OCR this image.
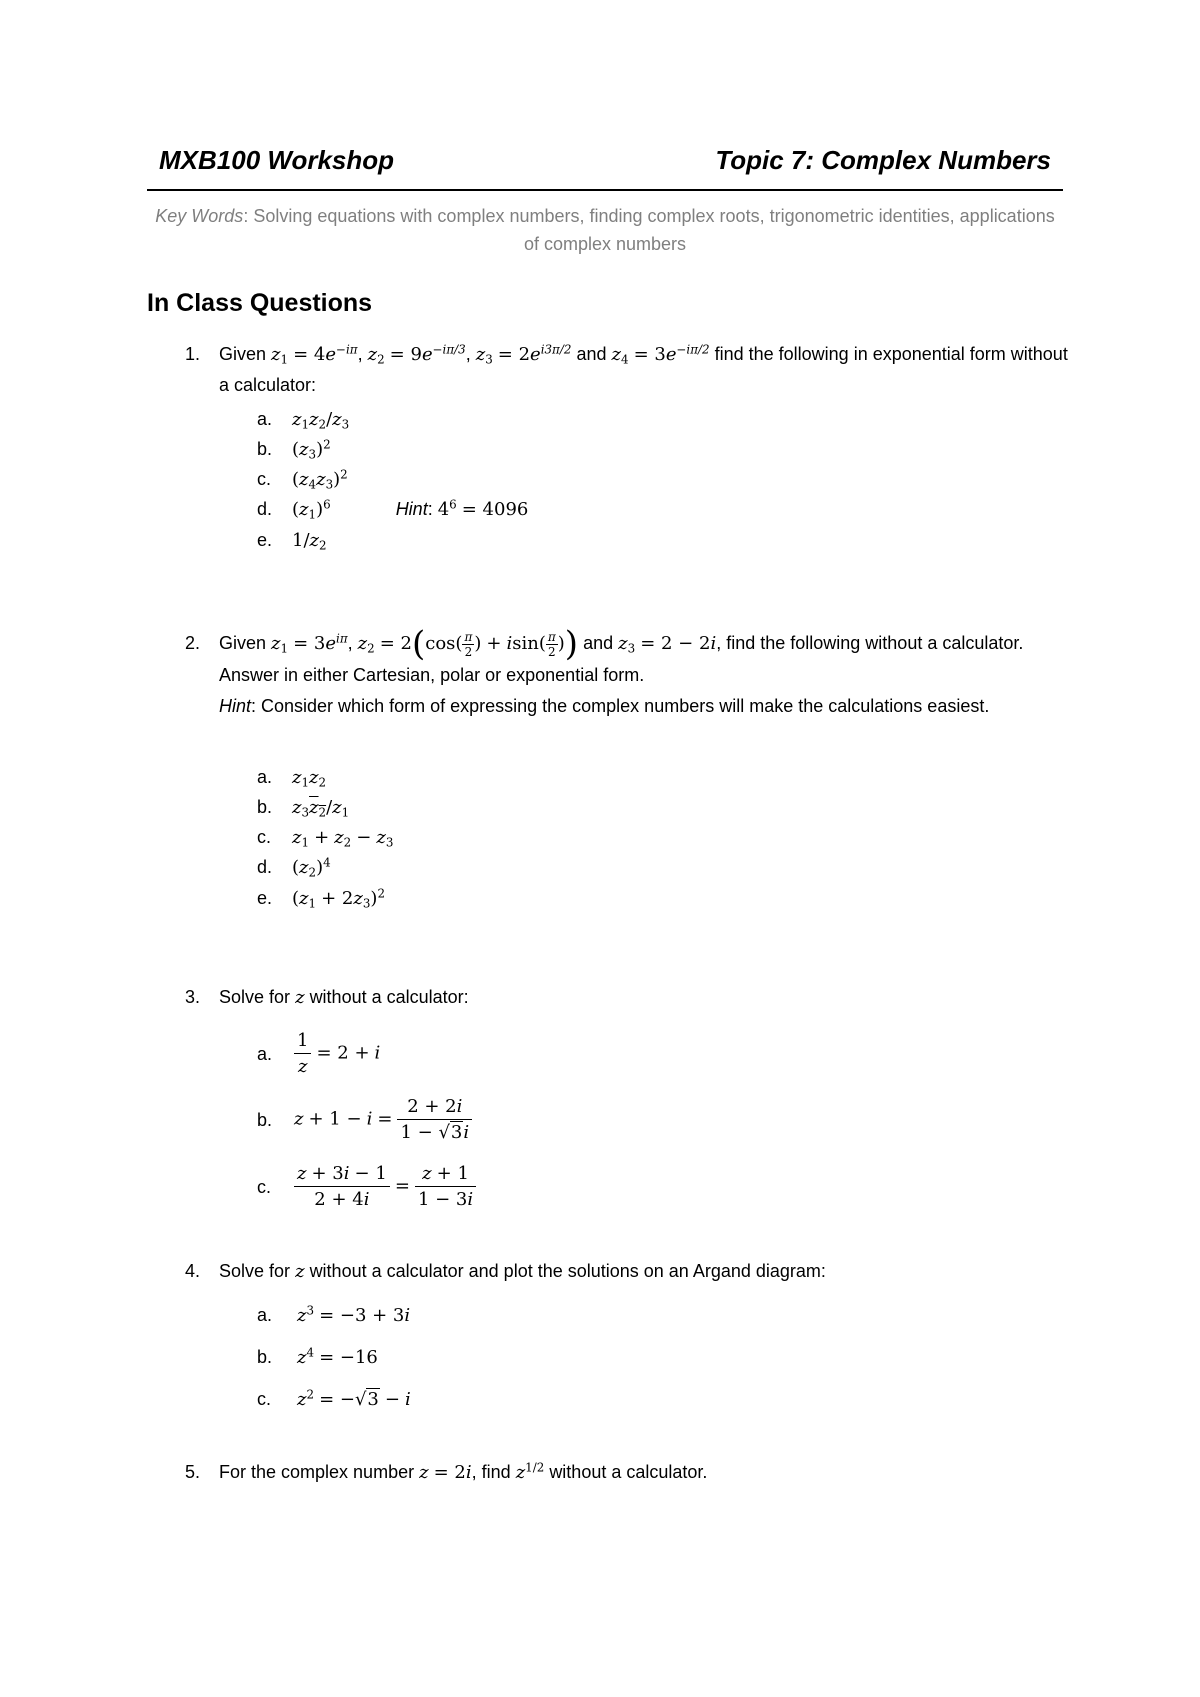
MXB100 Workshop	Topic 7: Complex Numbers
Key Words: Solving equations with complex numbers, finding complex roots, trigonometric identities, applications of complex numbers
In Class Questions
1. Given $z_1 = 4e^{-i\pi}$, $z_2 = 9e^{-i\pi/3}$, $z_3 = 2e^{i3\pi/2}$ and $z_4 = 3e^{-i\pi/2}$ find the following in exponential form without a calculator:
a. $z_1z_2/z_3$
b. $(z_3)^2$
c. $(z_4z_3)^2$
d. $(z_1)^6$	Hint: $4^6 = 4096$
e. $1/z_2$
2. Given $z_1 = 3e^{i\pi}$, $z_2 = 2(\cos( \frac{\pi}{2}$ ) + $isin( \frac{\pi}{2}$ )) and $z_3 = 2 - 2i$, find the following without a calculator. Answer in either Cartesian, polar or exponential form.
Hint: Consider which form of expressing the complex numbers will make the calculations easiest.
a. $z_1z_2$
b. $z_3\overline{z}_2/z_1$
c. $z_1 + z_2 - z_3$
d. $(z_2)^4$
e. $(z_1 + 2z_3)^2$
3. Solve for z without a calculator:
a. $\frac{1}{z} = 2 + i$
b. $z + 1 - i = \frac{2 + 2i}{1 - √3i}$
c. $\frac{z + 3i - 1}{2 + 4i} = \frac{z + 1}{1 - 3i}$
4. Solve for z without a calculator and plot the solutions on an Argand diagram:
a. $z^3 = -3 + 3i$
b. $z^4 = -16$
c. $z^2 = -√3 - i$
5. For the complex number z = 2i, find $z^{1/2}$ without a calculator.
